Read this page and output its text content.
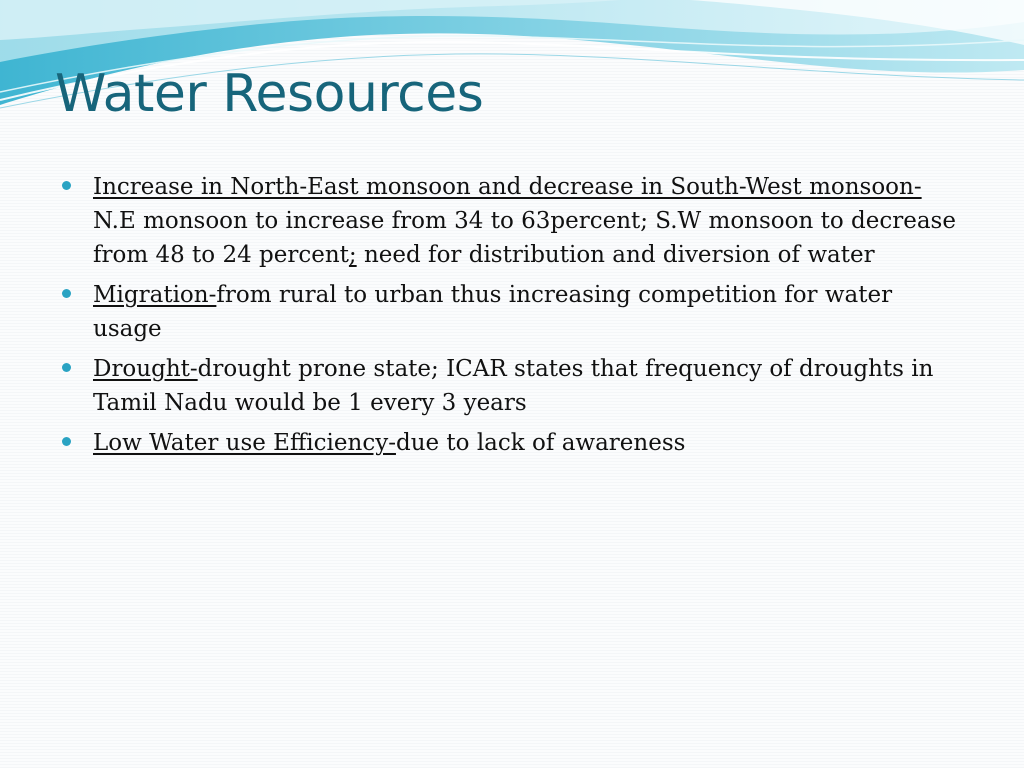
Water Resources
Increase in North-East monsoon and decrease in South-West monsoon-N.E monsoon to increase from 34 to 63percent; S.W monsoon to decrease from 48 to 24 percent; need for distribution and diversion of water
Migration-from rural to urban thus increasing competition for water usage
Drought-drought prone state; ICAR states that frequency of droughts in Tamil Nadu would be 1 every 3 years
Low Water use Efficiency-due to lack of awareness
